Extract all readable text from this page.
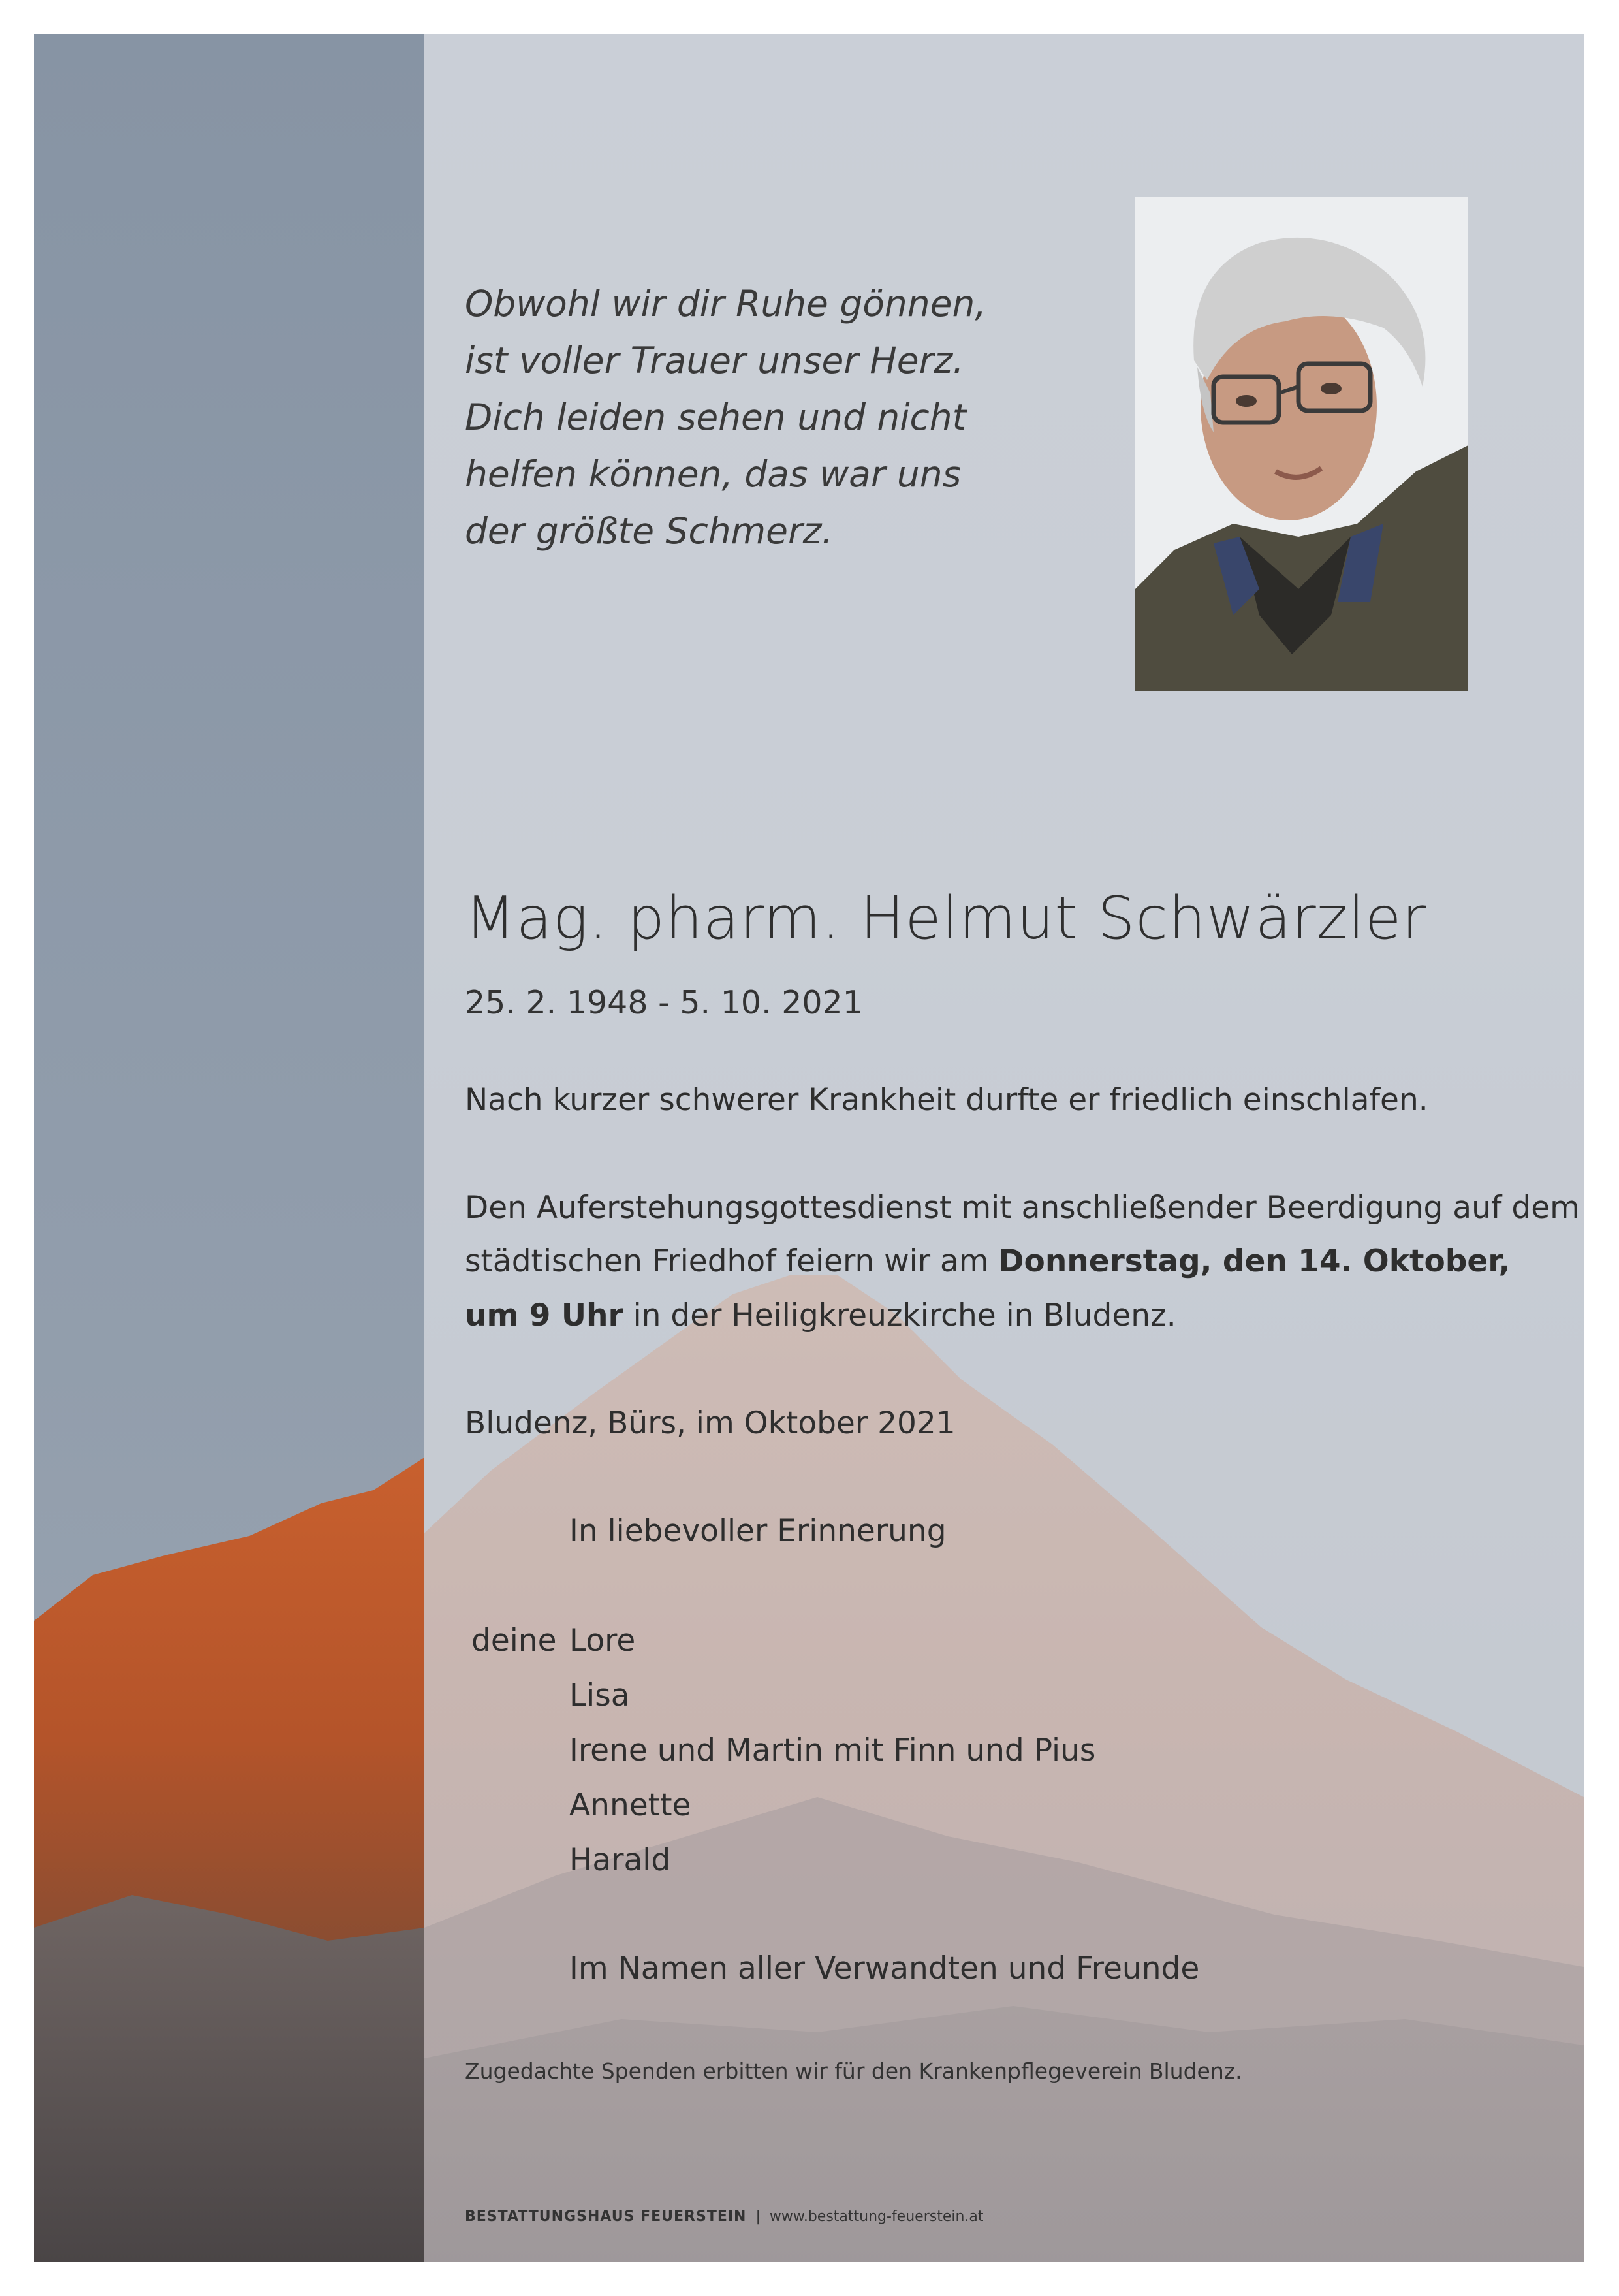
Obwohl wir dir Ruhe gönnen,
ist voller Trauer unser Herz.
Dich leiden sehen und nicht
helfen können, das war uns
der größte Schmerz.
Mag. pharm. Helmut Schwärzler
25. 2. 1948 - 5. 10. 2021
Nach kurzer schwerer Krankheit durfte er friedlich einschlafen.
Den Auferstehungsgottesdienst mit anschließender Beerdigung auf dem
städtischen Friedhof feiern wir am Donnerstag, den 14. Oktober,
um 9 Uhr in der Heiligkreuzkirche in Bludenz.
Bludenz, Bürs, im Oktober 2021
In liebevoller Erinnerung
deine Lore
Lisa
Irene und Martin mit Finn und Pius
Annette
Harald
Im Namen aller Verwandten und Freunde
Zugedachte Spenden erbitten wir für den Krankenpflegeverein Bludenz.
BESTATTUNGSHAUS FEUERSTEIN | www.bestattung-feuerstein.at
